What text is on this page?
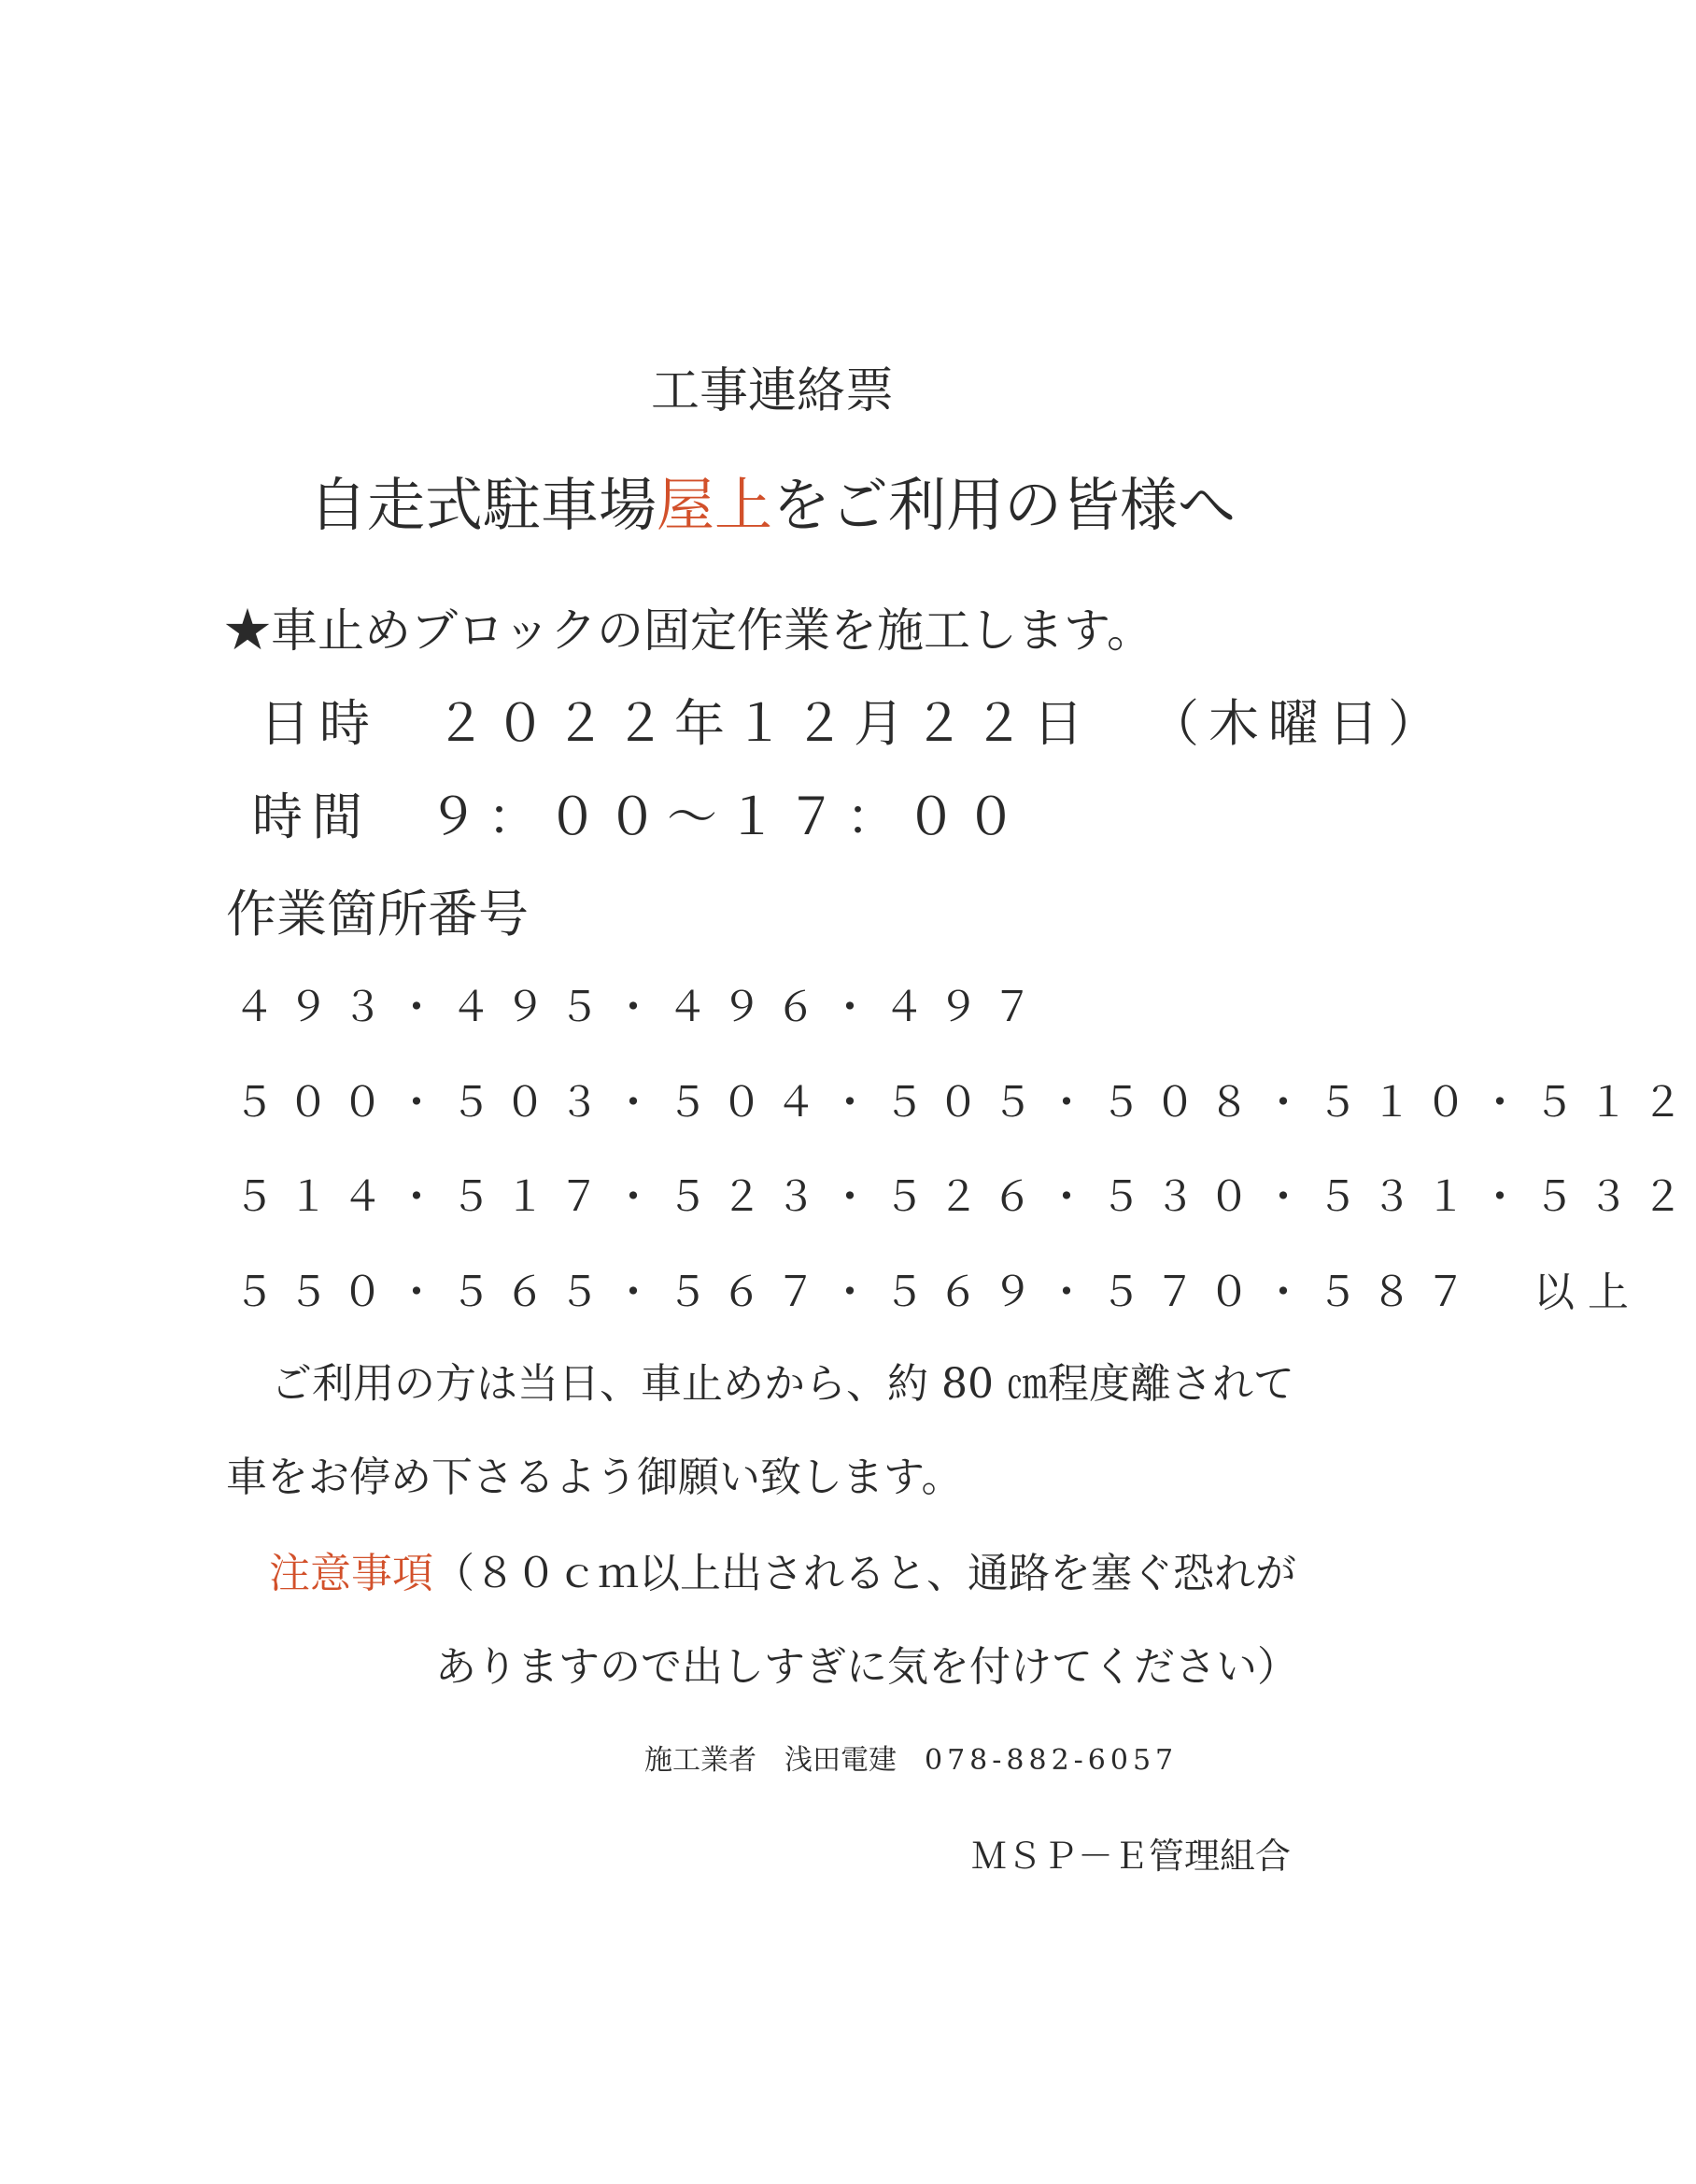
工事連絡票
自走式駐車場屋上をご利用の皆様へ
★車止めブロックの固定作業を施工します。
日時 ２０２２年１２月２２日 （木曜日）
時間 ９：００～１７：００
作業箇所番号
４９３・４９５・４９６・４９７
５００・５０３・５０４・５０５・５０８・５１０・５１２
５１４・５１７・５２３・５２６・５３０・５３１・５３２
５５０・５６５・５６７・５６９・５７０・５８７　以上
ご利用の方は当日、車止めから、約 80 ㎝程度離されて
車をお停め下さるよう御願い致します。
注意事項（８０ｃｍ以上出されると、通路を塞ぐ恐れが
ありますので出しすぎに気を付けてください）
施工業者 浅田電建 078-882-6057
ＭＳＰ－Ｅ管理組合
